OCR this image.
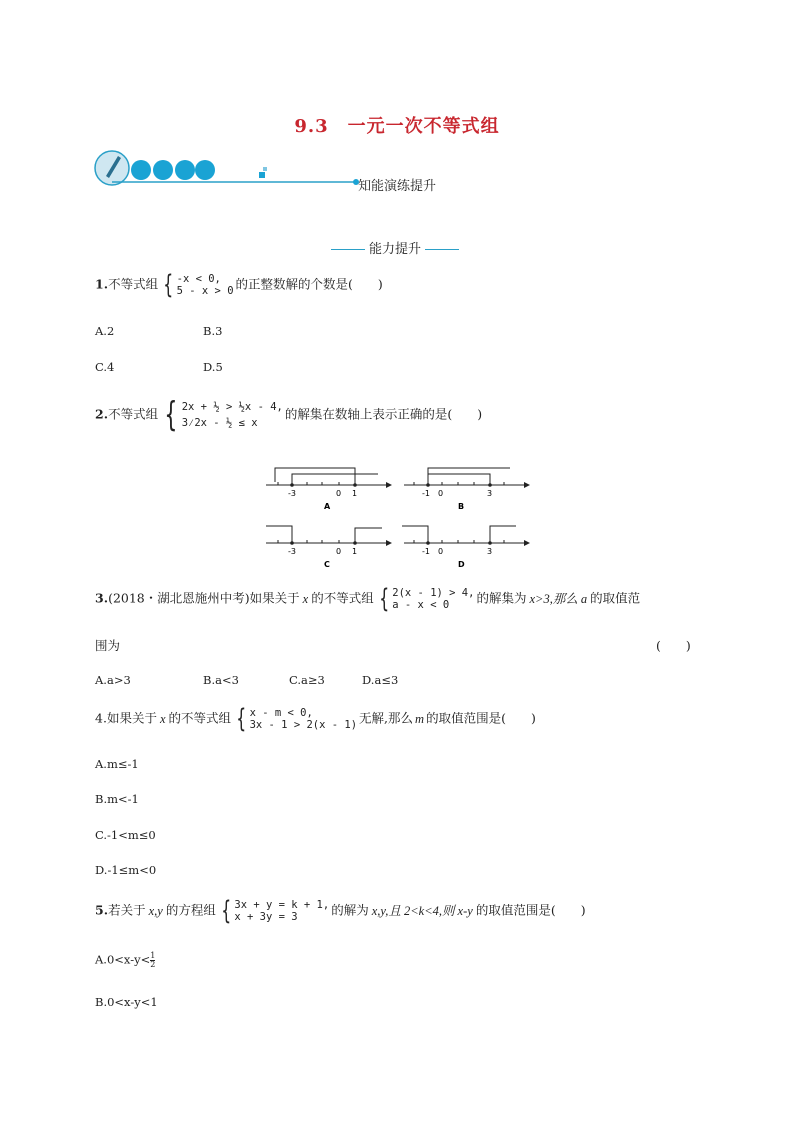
9.3　一元一次不等式组
知能演练提升
能力提升
1.不等式组 { -x < 0,
5 - x > 0 的正整数解的个数是(　　)
A.2	B.3
C.4	D.5
2.不等式组 { 2x + ½ > ½x - 4,
3⁄2x - ½ ≤ x
的解集在数轴上表示正确的是(　　)
-3	0 1
A
-1 0	3
B
-3	0 1
C
-1 0	3
D
3.(2018・湖北恩施州中考)如果关于 x 的不等式组 { 2(x - 1) > 4,
a - x < 0	的解集为 x>3,那么 a 的取值范
围为	(　　)
A.a>3	B.a<3	C.a≥3	D.a≤3
4.如果关于 x 的不等式组 { x - m < 0,
3x - 1 > 2(x - 1) 无解,那么 m 的取值范围是(　　)
A.m≤-1
B.m<-1
C.-1<m≤0
D.-1≤m<0
5.若关于 x,y 的方程组 { 3x + y = k + 1,
x + 3y = 3	的解为 x,y,且 2<k<4,则 x-y 的取值范围是(　　)
$A.0<x-y< \frac{1}{2}$
B.0<x-y<1
